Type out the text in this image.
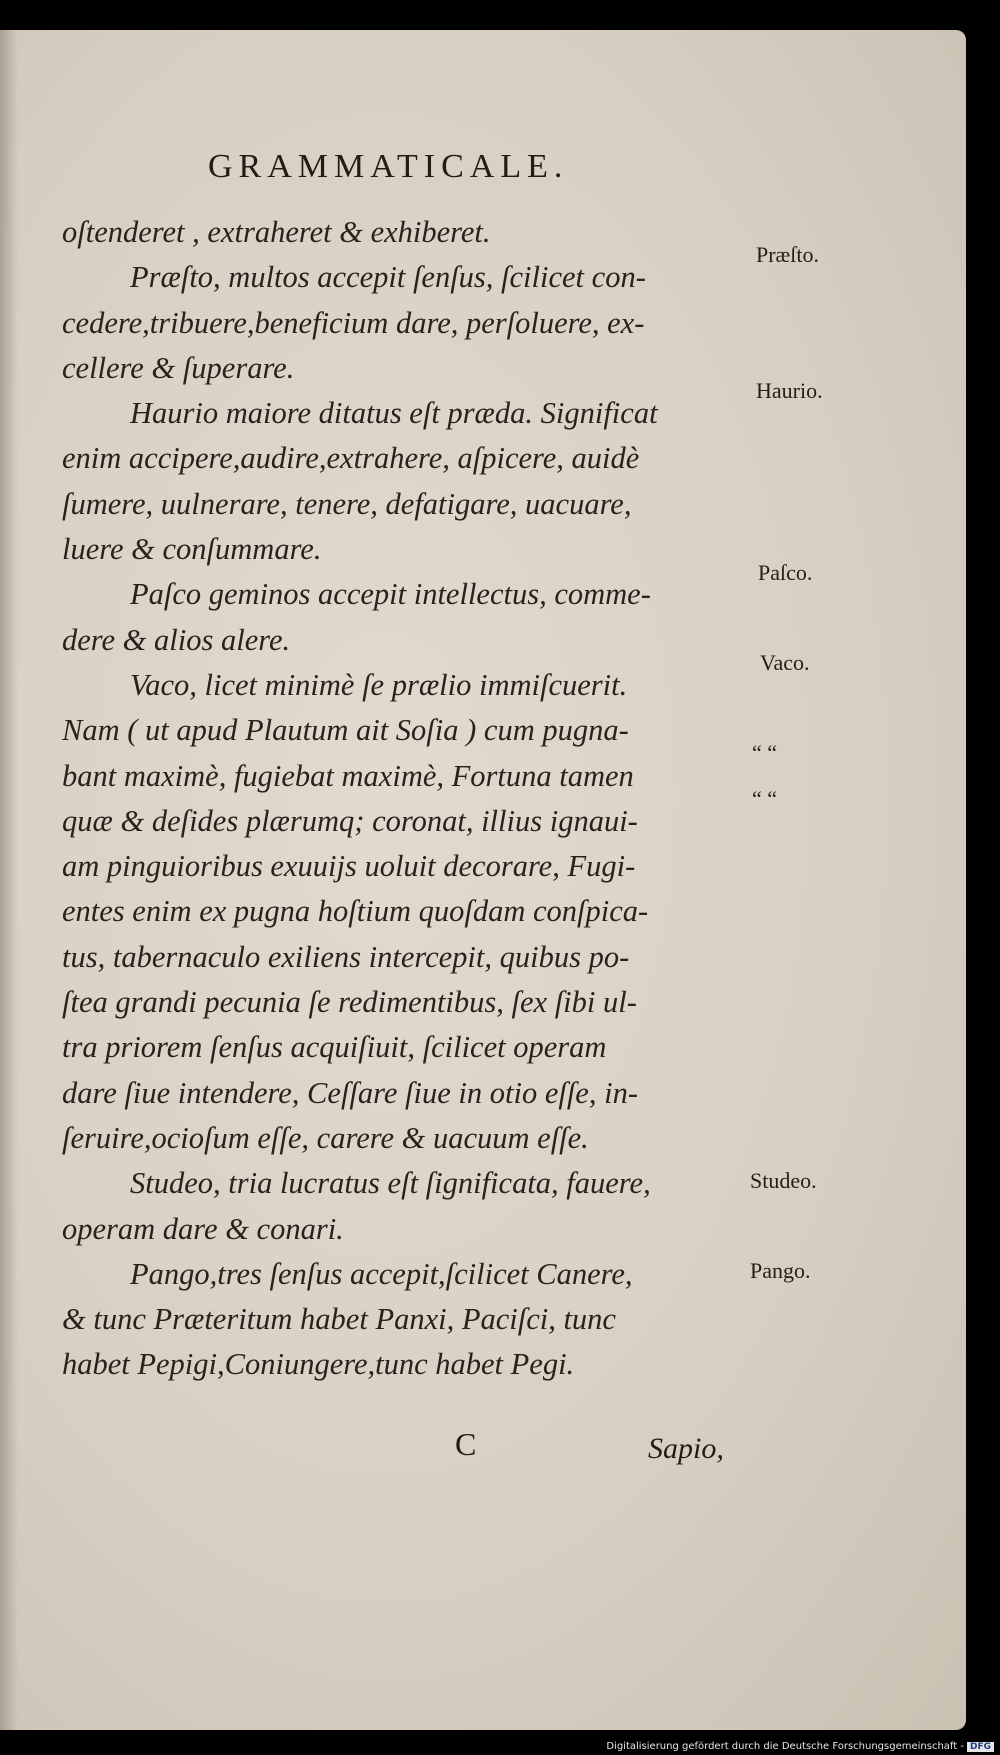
GRAMMATICALE.
oſtenderet , extraheret & exhiberet.
Præſto, multos accepit ſenſus, ſcilicet con-
cedere,tribuere,beneficium dare, perſoluere, ex-
cellere & ſuperare.
Haurio maiore ditatus eſt præda. Significat
enim accipere,audire,extrahere, aſpicere, auidè
ſumere, uulnerare, tenere, defatigare, uacuare,
luere & conſummare.
Paſco geminos accepit intellectus, comme-
dere & alios alere.
Vaco, licet minimè ſe prælio immiſcuerit.
Nam ( ut apud Plautum ait Soſia ) cum pugna-
bant maximè, fugiebat maximè, Fortuna tamen
quæ & deſides plærumq; coronat, illius ignaui-
am pinguioribus exuuijs uoluit decorare, Fugi-
entes enim ex pugna hoſtium quoſdam conſpica-
tus, tabernaculo exiliens intercepit, quibus po-
ſtea grandi pecunia ſe redimentibus, ſex ſibi ul-
tra priorem ſenſus acquiſiuit, ſcilicet operam
dare ſiue intendere, Ceſſare ſiue in otio eſſe, in-
ſeruire,ocioſum eſſe, carere & uacuum eſſe.
Studeo, tria lucratus eſt ſignificata, fauere,
operam dare & conari.
Pango,tres ſenſus accepit,ſcilicet Canere,
& tunc Præteritum habet Panxi, Paciſci, tunc
habet Pepigi,Coniungere,tunc habet Pegi.
Præſto.
Haurio.
Paſco.
Vaco.
“ “
“ “
Studeo.
Pango.
C	Sapio,
Digitalisierung gefördert durch die Deutsche Forschungsgemeinschaft - DFG
